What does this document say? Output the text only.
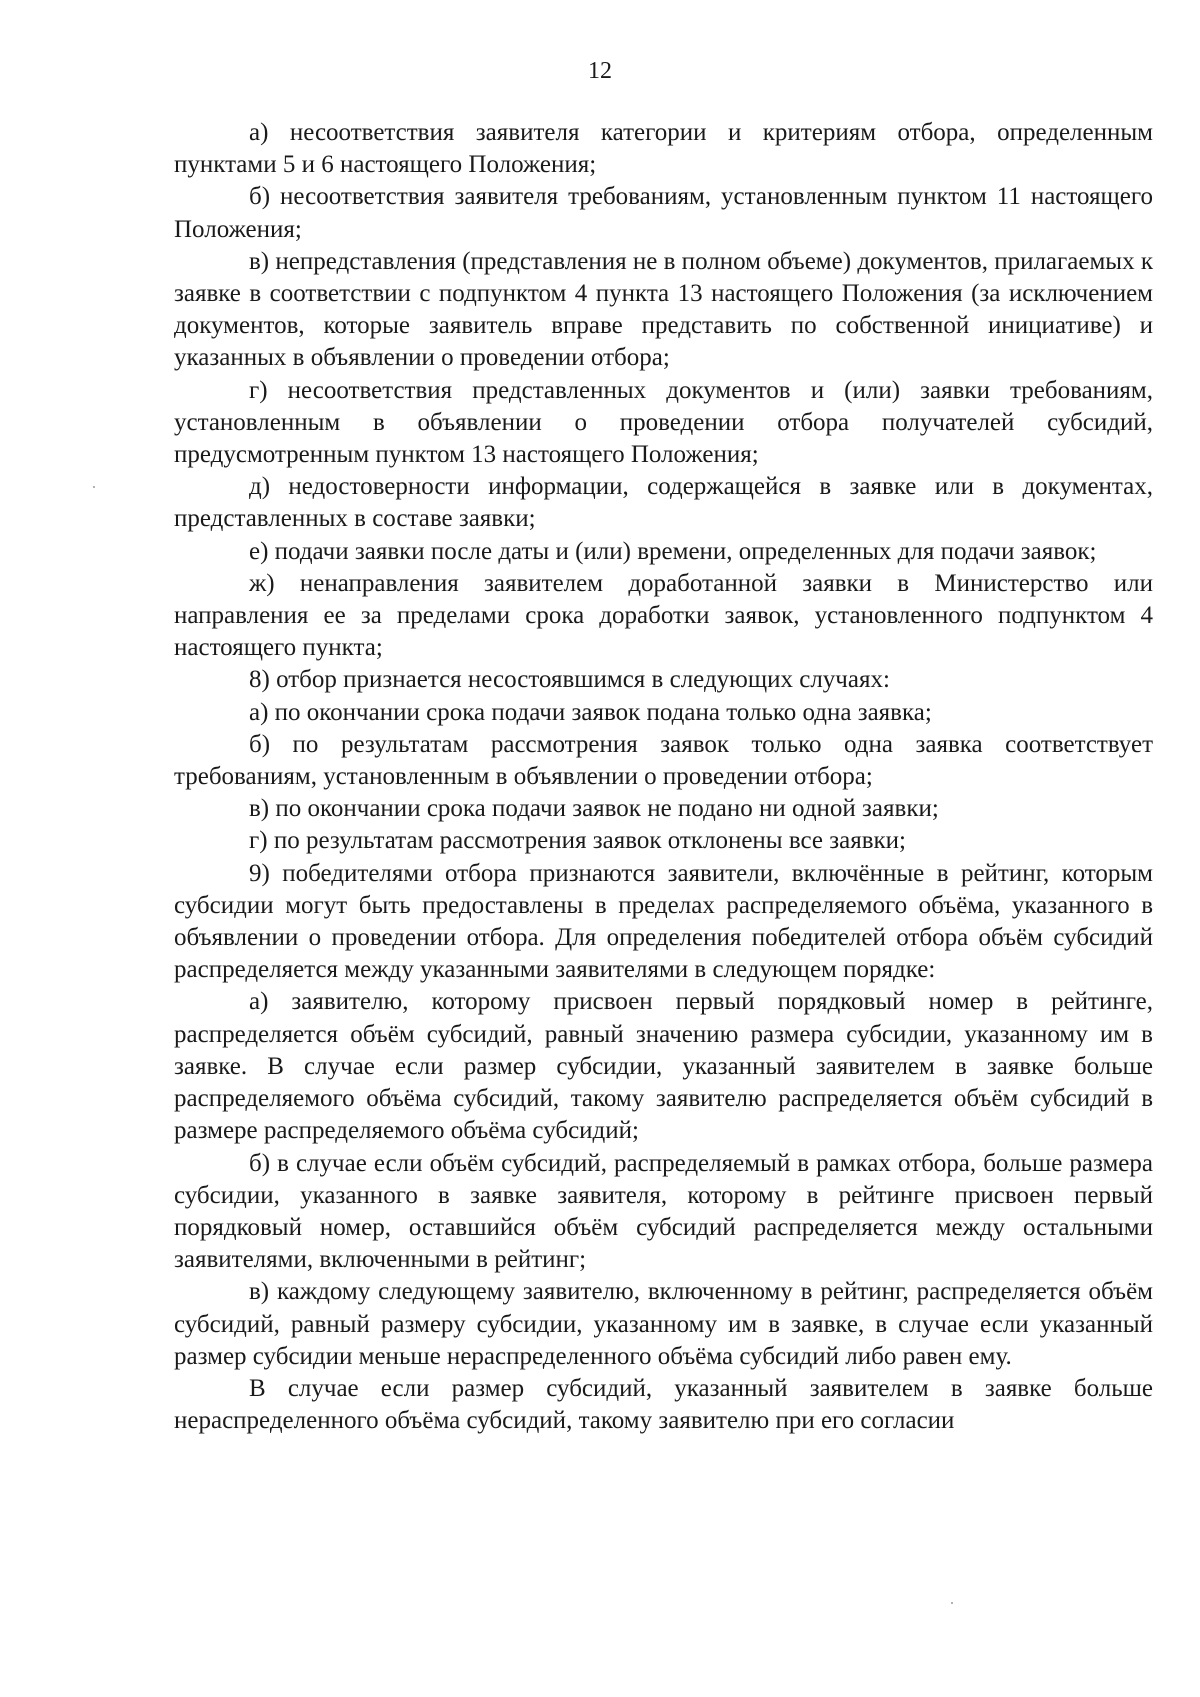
12

а) несоответствия заявителя категории и критериям отбора, определенным пунктами 5 и 6 настоящего Положения;

б) несоответствия заявителя требованиям, установленным пунктом 11 настоящего Положения;

в) непредставления (представления не в полном объеме) документов, прилагаемых к заявке в соответствии с подпунктом 4 пункта 13 настоящего Положения (за исключением документов, которые заявитель вправе представить по собственной инициативе) и указанных в объявлении о проведении отбора;

г) несоответствия представленных документов и (или) заявки требованиям, установленным в объявлении о проведении отбора получателей субсидий, предусмотренным пунктом 13 настоящего Положения;

д) недостоверности информации, содержащейся в заявке или в документах, представленных в составе заявки;

е) подачи заявки после даты и (или) времени, определенных для подачи заявок;

ж) ненаправления заявителем доработанной заявки в Министерство или направления ее за пределами срока доработки заявок, установленного подпунктом 4 настоящего пункта;

8) отбор признается несостоявшимся в следующих случаях:

а) по окончании срока подачи заявок подана только одна заявка;

б) по результатам рассмотрения заявок только одна заявка соответствует требованиям, установленным в объявлении о проведении отбора;

в) по окончании срока подачи заявок не подано ни одной заявки;

г) по результатам рассмотрения заявок отклонены все заявки;

9) победителями отбора признаются заявители, включённые в рейтинг, которым субсидии могут быть предоставлены в пределах распределяемого объёма, указанного в объявлении о проведении отбора. Для определения победителей отбора объём субсидий распределяется между указанными заявителями в следующем порядке:

а) заявителю, которому присвоен первый порядковый номер в рейтинге, распределяется объём субсидий, равный значению размера субсидии, указанному им в заявке. В случае если размер субсидии, указанный заявителем в заявке больше распределяемого объёма субсидий, такому заявителю распределяется объём субсидий в размере распределяемого объёма субсидий;

б) в случае если объём субсидий, распределяемый в рамках отбора, больше размера субсидии, указанного в заявке заявителя, которому в рейтинге присвоен первый порядковый номер, оставшийся объём субсидий распределяется между остальными заявителями, включенными в рейтинг;

в) каждому следующему заявителю, включенному в рейтинг, распределяется объём субсидий, равный размеру субсидии, указанному им в заявке, в случае если указанный размер субсидии меньше нераспределенного объёма субсидий либо равен ему.

В случае если размер субсидий, указанный заявителем в заявке больше нераспределенного объёма субсидий, такому заявителю при его согласии
